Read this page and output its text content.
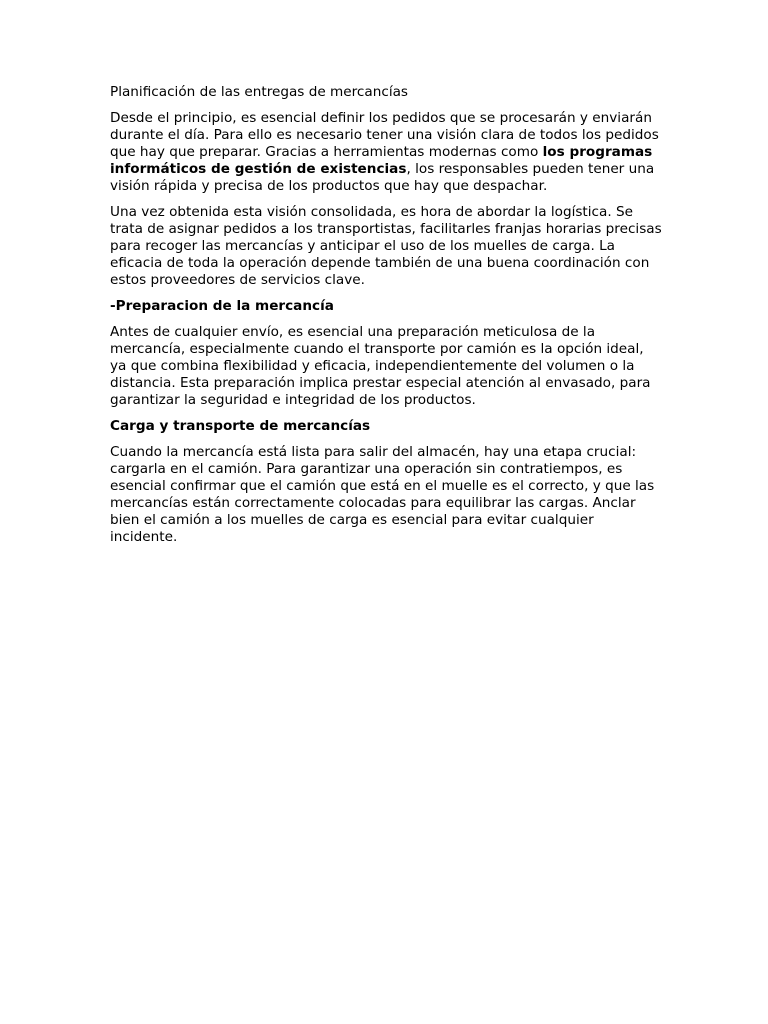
Planificación de las entregas de mercancías

Desde el principio, es esencial definir los pedidos que se procesarán y enviarán durante el día. Para ello es necesario tener una visión clara de todos los pedidos que hay que preparar. Gracias a herramientas modernas como los programas informáticos de gestión de existencias, los responsables pueden tener una visión rápida y precisa de los productos que hay que despachar.

Una vez obtenida esta visión consolidada, es hora de abordar la logística. Se trata de asignar pedidos a los transportistas, facilitarles franjas horarias precisas para recoger las mercancías y anticipar el uso de los muelles de carga. La eficacia de toda la operación depende también de una buena coordinación con estos proveedores de servicios clave.

-Preparacion de la mercancía

Antes de cualquier envío, es esencial una preparación meticulosa de la mercancía, especialmente cuando el transporte por camión es la opción ideal, ya que combina flexibilidad y eficacia, independientemente del volumen o la distancia. Esta preparación implica prestar especial atención al envasado, para garantizar la seguridad e integridad de los productos.

Carga y transporte de mercancías

Cuando la mercancía está lista para salir del almacén, hay una etapa crucial: cargarla en el camión. Para garantizar una operación sin contratiempos, es esencial confirmar que el camión que está en el muelle es el correcto, y que las mercancías están correctamente colocadas para equilibrar las cargas. Anclar bien el camión a los muelles de carga es esencial para evitar cualquier incidente.
